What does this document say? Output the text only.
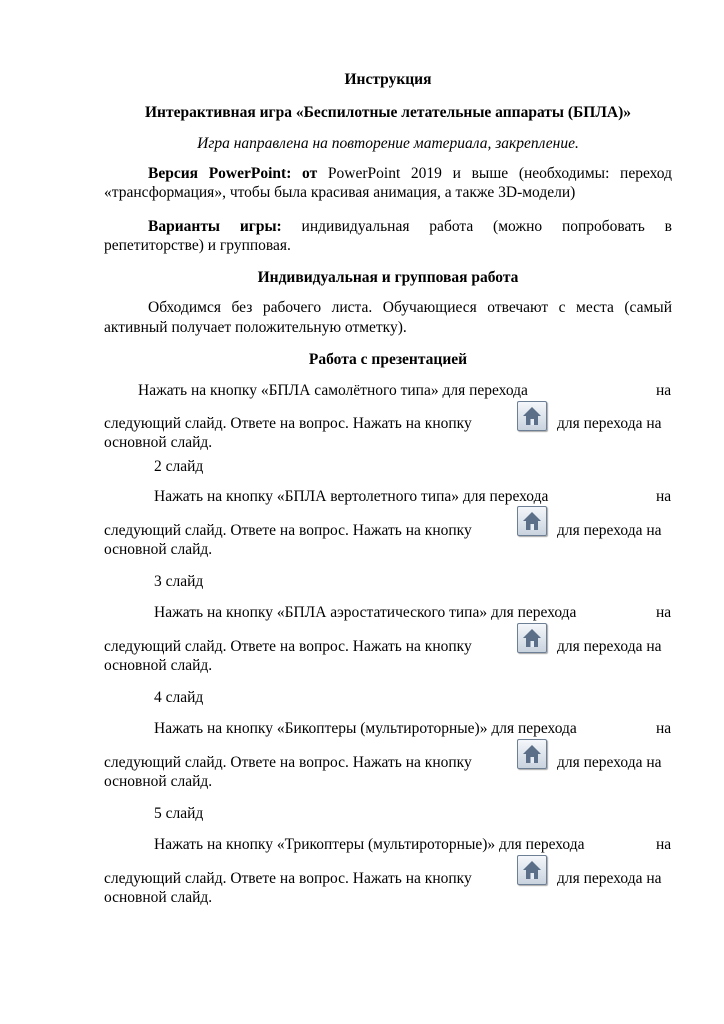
Инструкция
Интерактивная игра «Беспилотные летательные аппараты (БПЛА)»
Игра направлена на повторение материала, закрепление.
Версия PowerPoint: от PowerPoint 2019 и выше (необходимы: переход
«трансформация», чтобы была красивая анимация, а также 3D-модели)
Варианты игры: индивидуальная работа (можно попробовать в
репетиторстве) и групповая.
Индивидуальная и групповая работа
Обходимся без рабочего листа. Обучающиеся отвечают с места (самый
активный получает положительную отметку).
Работа с презентацией
Нажать на кнопку «БПЛА самолётного типа» для перехода	на
следующий слайд. Ответе на вопрос. Нажать на кнопку	для перехода на
основной слайд.
2 слайд
Нажать на кнопку «БПЛА вертолетного типа» для перехода	на
следующий слайд. Ответе на вопрос. Нажать на кнопку	для перехода на
основной слайд.
3 слайд
Нажать на кнопку «БПЛА аэростатического типа» для перехода	на
следующий слайд. Ответе на вопрос. Нажать на кнопку	для перехода на
основной слайд.
4 слайд
Нажать на кнопку «Бикоптеры (мультироторные)» для перехода	на
следующий слайд. Ответе на вопрос. Нажать на кнопку	для перехода на
основной слайд.
5 слайд
Нажать на кнопку «Трикоптеры (мультироторные)» для перехода	на
следующий слайд. Ответе на вопрос. Нажать на кнопку	для перехода на
основной слайд.
